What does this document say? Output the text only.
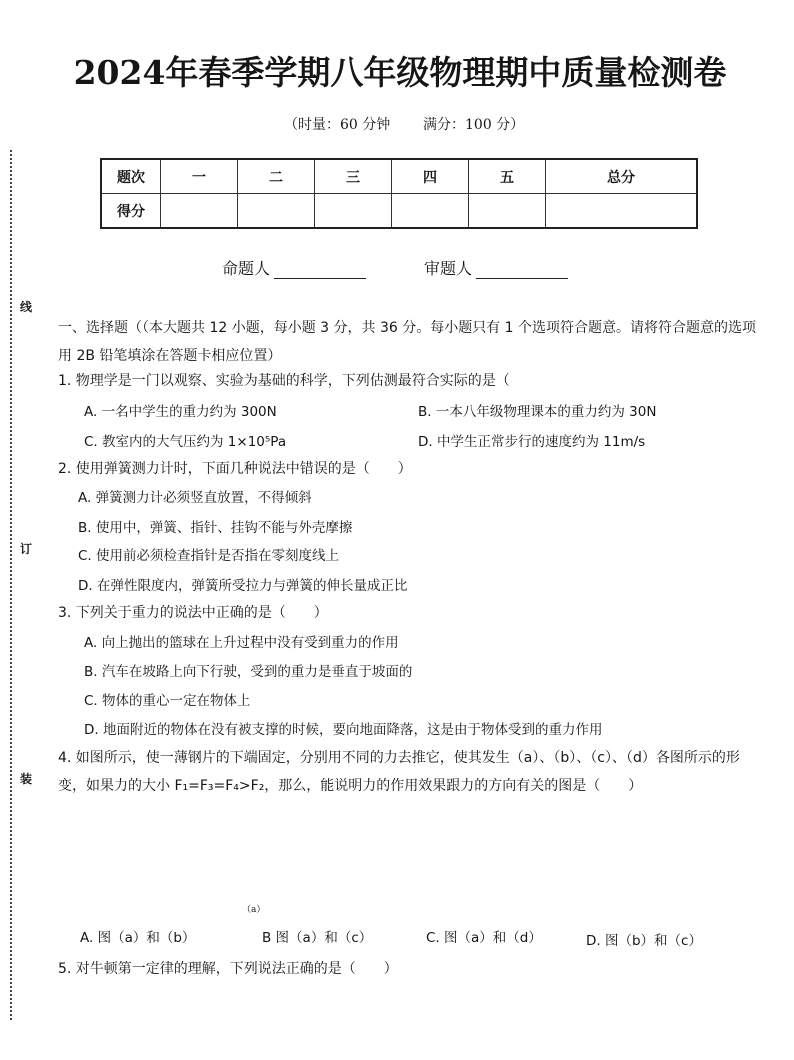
线
订
装
2024年春季学期八年级物理期中质量检测卷
（时量：60 分钟 满分：100 分）
题次	一	二	三	四	五	总分
得分						
命题人	审题人
一、选择题（（本大题共 12 小题，每小题 3 分，共 36 分。每小题只有 1 个选项符合题意。请将符合题意的选项用 2B 铅笔填涂在答题卡相应位置）
1. 物理学是一门以观察、实验为基础的科学，下列估测最符合实际的是（
A. 一名中学生的重力约为 300N	B. 一本八年级物理课本的重力约为 30N
C. 教室内的大气压约为 1×10⁵Pa	D. 中学生正常步行的速度约为 11m/s
2. 使用弹簧测力计时，下面几种说法中错误的是（　　）
A. 弹簧测力计必须竖直放置，不得倾斜
B. 使用中，弹簧、指针、挂钩不能与外壳摩擦
C. 使用前必须检查指针是否指在零刻度线上
D. 在弹性限度内，弹簧所受拉力与弹簧的伸长量成正比
3. 下列关于重力的说法中正确的是（　　）
A. 向上抛出的篮球在上升过程中没有受到重力的作用
B. 汽车在坡路上向下行驶，受到的重力是垂直于坡面的
C. 物体的重心一定在物体上
D. 地面附近的物体在没有被支撑的时候，要向地面降落，这是由于物体受到的重力作用
4. 如图所示，使一薄钢片的下端固定，分别用不同的力去推它，使其发生（a）、（b）、（c）、（d）各图所示的形变，如果力的大小 F₁=F₃=F₄>F₂，那么，能说明力的作用效果跟力的方向有关的图是（　　）
（a）
A. 图（a）和（b）	B 图（a）和（c）	C. 图（a）和（d）	D. 图（b）和（c）
5. 对牛顿第一定律的理解，下列说法正确的是（　　）
